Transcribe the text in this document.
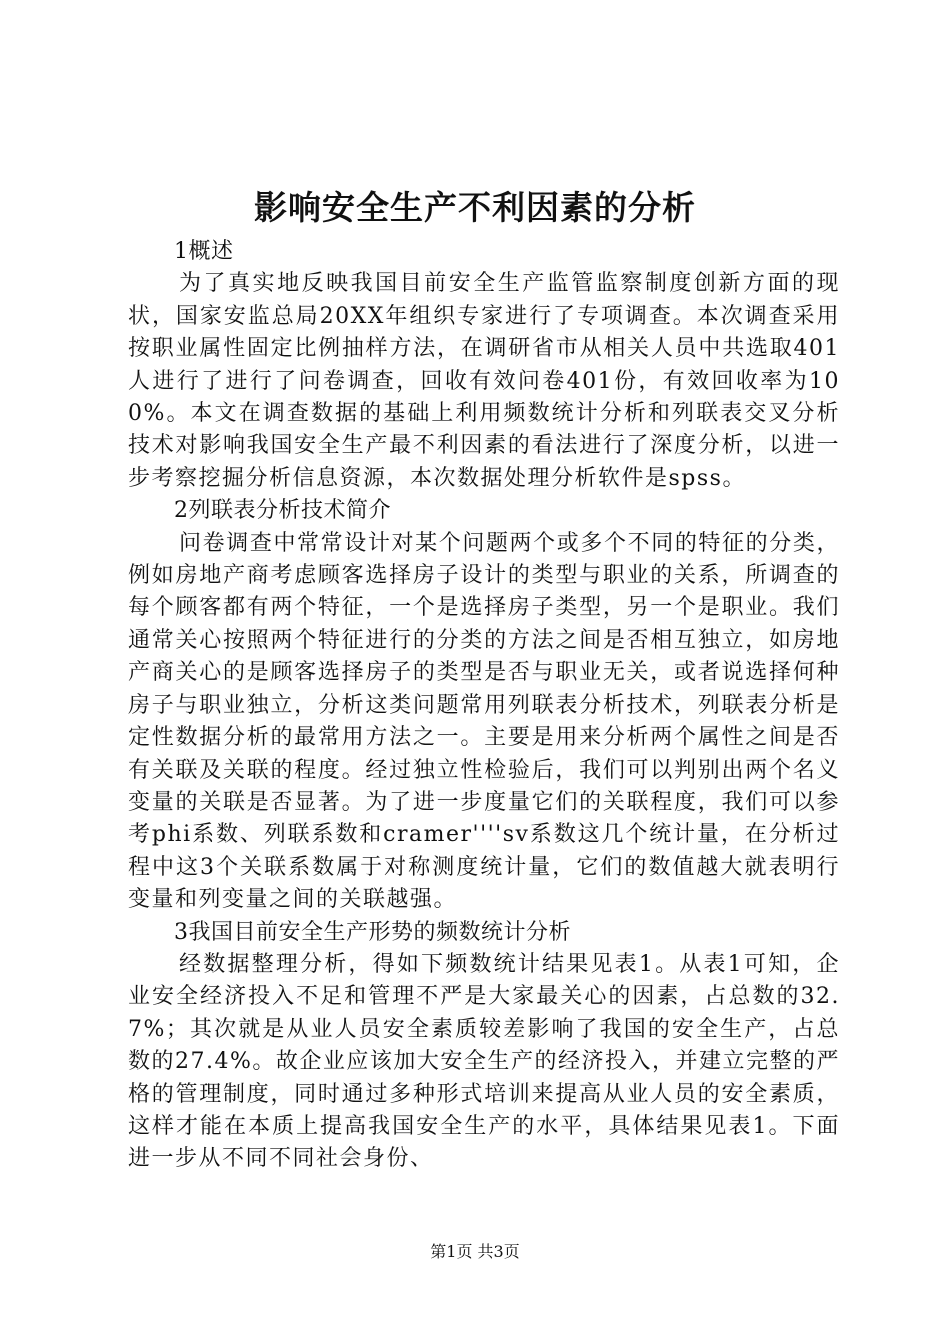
影响安全生产不利因素的分析

1概述

为了真实地反映我国目前安全生产监管监察制度创新方面的现状，国家安监总局20XX年组织专家进行了专项调查。本次调查采用按职业属性固定比例抽样方法，在调研省市从相关人员中共选取401人进行了进行了问卷调查，回收有效问卷401份，有效回收率为100%。本文在调查数据的基础上利用频数统计分析和列联表交叉分析技术对影响我国安全生产最不利因素的看法进行了深度分析，以进一步考察挖掘分析信息资源，本次数据处理分析软件是spss。

2列联表分析技术简介

问卷调查中常常设计对某个问题两个或多个不同的特征的分类，例如房地产商考虑顾客选择房子设计的类型与职业的关系，所调查的每个顾客都有两个特征，一个是选择房子类型，另一个是职业。我们通常关心按照两个特征进行的分类的方法之间是否相互独立，如房地产商关心的是顾客选择房子的类型是否与职业无关，或者说选择何种房子与职业独立，分析这类问题常用列联表分析技术，列联表分析是定性数据分析的最常用方法之一。主要是用来分析两个属性之间是否有关联及关联的程度。经过独立性检验后，我们可以判别出两个名义变量的关联是否显著。为了进一步度量它们的关联程度，我们可以参考phi系数、列联系数和cramer''''sv系数这几个统计量，在分析过程中这3个关联系数属于对称测度统计量，它们的数值越大就表明行变量和列变量之间的关联越强。

3我国目前安全生产形势的频数统计分析

经数据整理分析，得如下频数统计结果见表1。从表1可知，企业安全经济投入不足和管理不严是大家最关心的因素，占总数的32.7%；其次就是从业人员安全素质较差影响了我国的安全生产，占总数的27.4%。故企业应该加大安全生产的经济投入，并建立完整的严格的管理制度，同时通过多种形式培训来提高从业人员的安全素质，这样才能在本质上提高我国安全生产的水平，具体结果见表1。下面进一步从不同不同社会身份、

第1页 共3页
